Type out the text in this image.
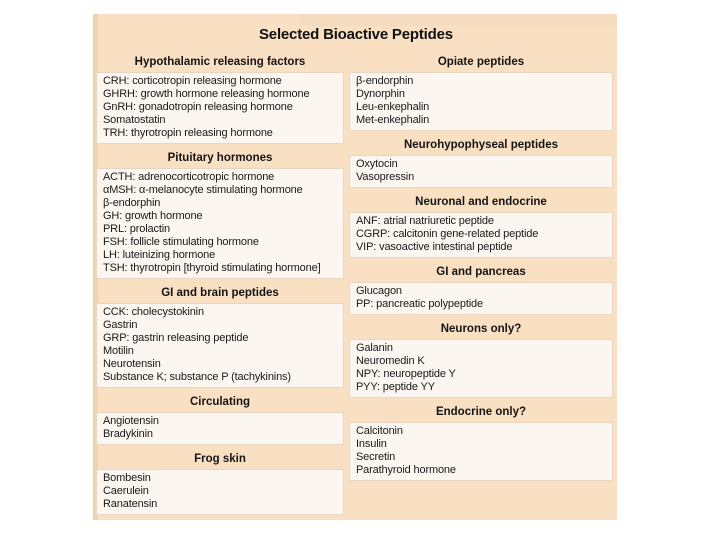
Selected Bioactive Peptides
Hypothalamic releasing factors
CRH: corticotropin releasing hormone
GHRH: growth hormone releasing hormone
GnRH: gonadotropin releasing hormone
Somatostatin
TRH: thyrotropin releasing hormone
Pituitary hormones
ACTH: adrenocorticotropic hormone
αMSH: α-melanocyte stimulating hormone
β-endorphin
GH: growth hormone
PRL: prolactin
FSH: follicle stimulating hormone
LH: luteinizing hormone
TSH: thyrotropin [thyroid stimulating hormone]
GI and brain peptides
CCK: cholecystokinin
Gastrin
GRP: gastrin releasing peptide
Motilin
Neurotensin
Substance K; substance P (tachykinins)
Circulating
Angiotensin
Bradykinin
Frog skin
Bombesin
Caerulein
Ranatensin
Opiate peptides
β-endorphin
Dynorphin
Leu-enkephalin
Met-enkephalin
Neurohypophyseal peptides
Oxytocin
Vasopressin
Neuronal and endocrine
ANF: atrial natriuretic peptide
CGRP: calcitonin gene-related peptide
VIP: vasoactive intestinal peptide
GI and pancreas
Glucagon
PP: pancreatic polypeptide
Neurons only?
Galanin
Neuromedin K
NPY: neuropeptide Y
PYY: peptide YY
Endocrine only?
Calcitonin
Insulin
Secretin
Parathyroid hormone
